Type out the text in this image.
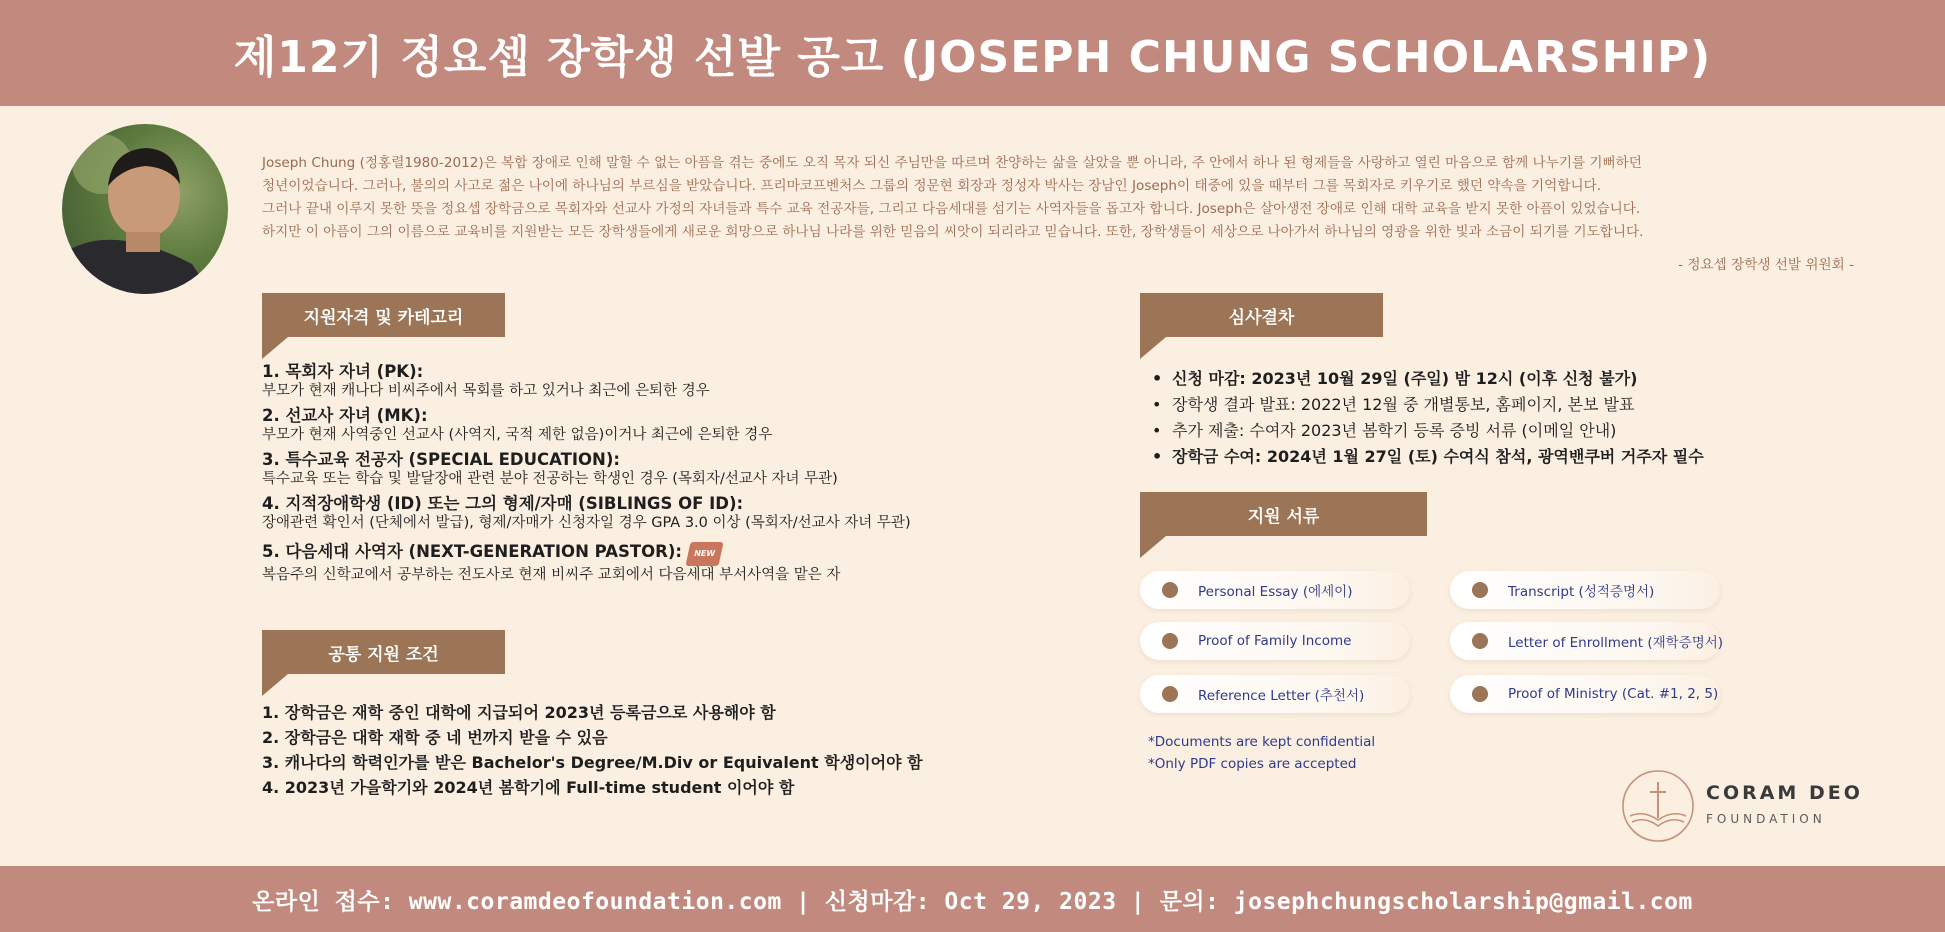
제12기 정요셉 장학생 선발 공고 (JOSEPH CHUNG SCHOLARSHIP)

Joseph Chung (정홍렬1980-2012)은 복합 장애로 인해 말할 수 없는 아픔을 겪는 중에도 오직 목자 되신 주님만을 따르며 찬양하는 삶을 살았을 뿐 아니라, 주 안에서 하나 된 형제들을 사랑하고 열린 마음으로 함께 나누기를 기뻐하던

청년이었습니다. 그러나, 불의의 사고로 젊은 나이에 하나님의 부르심을 받았습니다. 프리마코프벤처스 그룹의 정문현 회장과 정성자 박사는 장남인 Joseph이 태중에 있을 때부터 그를 목회자로 키우기로 했던 약속을 기억합니다.

그러나 끝내 이루지 못한 뜻을 정요셉 장학금으로 목회자와 선교사 가정의 자녀들과 특수 교육 전공자들, 그리고 다음세대를 섬기는 사역자들을 돕고자 합니다. Joseph은 살아생전 장애로 인해 대학 교육을 받지 못한 아픔이 있었습니다.

하지만 이 아픔이 그의 이름으로 교육비를 지원받는 모든 장학생들에게 새로운 희망으로 하나님 나라를 위한 믿음의 씨앗이 되리라고 믿습니다. 또한, 장학생들이 세상으로 나아가서 하나님의 영광을 위한 빛과 소금이 되기를 기도합니다.

- 정요셉 장학생 선발 위원회 -
지원자격 및 카테고리
1. 목회자 자녀 (PK):
부모가 현재 캐나다 비씨주에서 목회를 하고 있거나 최근에 은퇴한 경우
2. 선교사 자녀 (MK):
부모가 현재 사역중인 선교사 (사역지, 국적 제한 없음)이거나 최근에 은퇴한 경우
3. 특수교육 전공자 (SPECIAL EDUCATION):
특수교육 또는 학습 및 발달장애 관련 분야 전공하는 학생인 경우 (목회자/선교사 자녀 무관)
4. 지적장애학생 (ID) 또는 그의 형제/자매 (SIBLINGS OF ID):
장애관련 확인서 (단체에서 발급), 형제/자매가 신청자일 경우 GPA 3.0 이상 (목회자/선교사 자녀 무관)
5. 다음세대 사역자 (NEXT-GENERATION PASTOR): NEW
복음주의 신학교에서 공부하는 전도사로 현재 비씨주 교회에서 다음세대 부서사역을 맡은 자
공통 지원 조건
1. 장학금은 재학 중인 대학에 지급되어 2023년 등록금으로 사용해야 함
2. 장학금은 대학 재학 중 네 번까지 받을 수 있음
3. 캐나다의 학력인가를 받은 Bachelor's Degree/M.Div or Equivalent 학생이어야 함
4. 2023년 가을학기와 2024년 봄학기에 Full-time student 이어야 함
심사결차
• 신청 마감: 2023년 10월 29일 (주일) 밤 12시 (이후 신청 불가)
• 장학생 결과 발표: 2022년 12월 중 개별통보, 홈페이지, 본보 발표
• 추가 제출: 수여자 2023년 봄학기 등록 증빙 서류 (이메일 안내)
• 장학금 수여: 2024년 1월 27일 (토) 수여식 참석, 광역밴쿠버 거주자 필수
지원 서류
Personal Essay (에세이)	Transcript (성적증명서)
Proof of Family Income	Letter of Enrollment (재학증명서)
Reference Letter (추천서)	Proof of Ministry (Cat. #1, 2, 5)
*Documents are kept confidential
*Only PDF copies are accepted
CORAM DEO
FOUNDATION
온라인 접수: www.coramdeofoundation.com | 신청마감: Oct 29, 2023 | 문의: josephchungscholarship@gmail.com
